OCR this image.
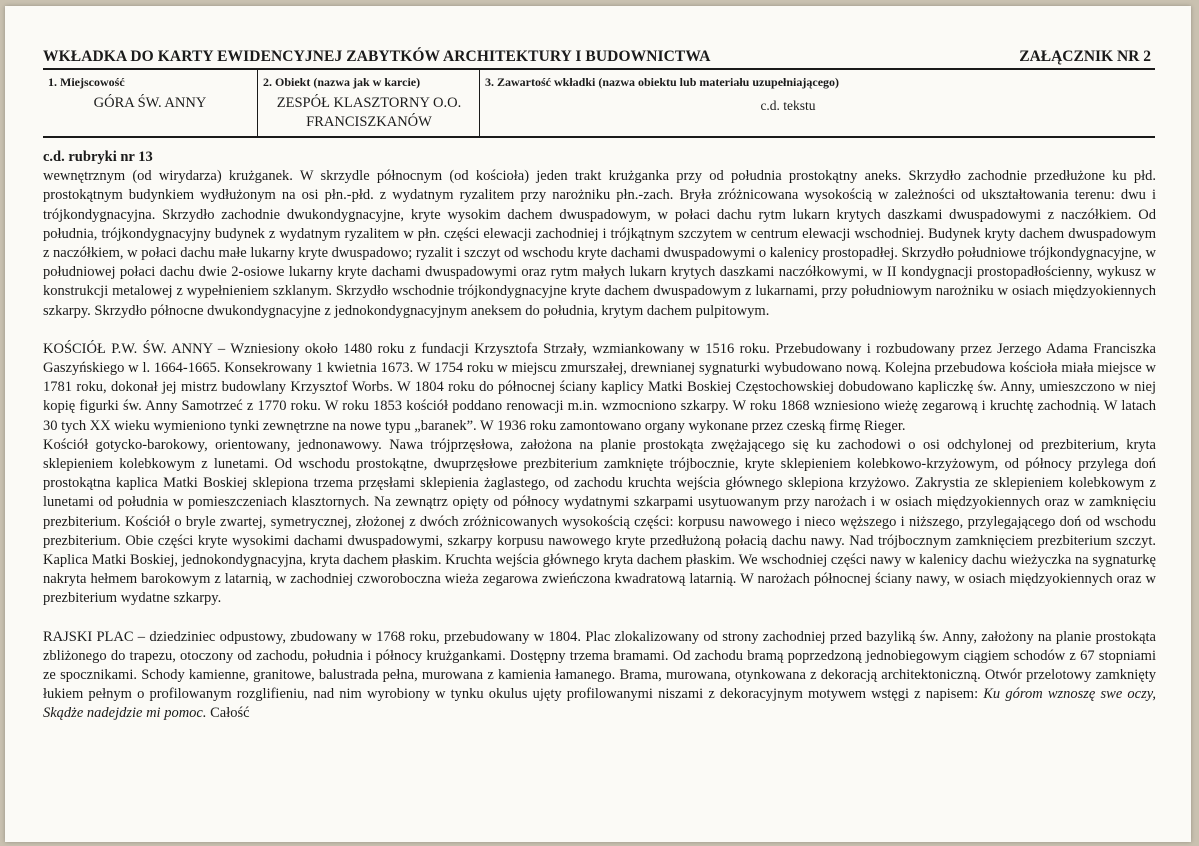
WKŁADKA DO KARTY EWIDENCYJNEJ ZABYTKÓW ARCHITEKTURY I BUDOWNICTWA	ZAŁĄCZNIK NR 2
1. Miejscowość
GÓRA ŚW. ANNY
2. Obiekt (nazwa jak w karcie)
ZESPÓŁ KLASZTORNY O.O.
FRANCISZKANÓW
3. Zawartość wkładki (nazwa obiektu lub materiału uzupełniającego)
c.d. tekstu
c.d. rubryki nr 13

wewnętrznym (od wirydarza) krużganek. W skrzydle północnym (od kościoła) jeden trakt krużganka przy od południa prostokątny aneks. Skrzydło zachodnie przedłużone ku płd. prostokątnym budynkiem wydłużonym na osi płn.-płd. z wydatnym ryzalitem przy narożniku płn.-zach. Bryła zróżnicowana wysokością w zależności od ukształtowania terenu: dwu i trójkondygnacyjna. Skrzydło zachodnie dwukondygnacyjne, kryte wysokim dachem dwuspadowym, w połaci dachu rytm lukarn krytych daszkami dwuspadowymi z naczółkiem. Od południa, trójkondygnacyjny budynek z wydatnym ryzalitem w płn. części elewacji zachodniej i trójkątnym szczytem w centrum elewacji wschodniej. Budynek kryty dachem dwuspadowym z naczółkiem, w połaci dachu małe lukarny kryte dwuspadowo; ryzalit i szczyt od wschodu kryte dachami dwuspadowymi o kalenicy prostopadłej. Skrzydło południowe trójkondygnacyjne, w południowej połaci dachu dwie 2-osiowe lukarny kryte dachami dwuspadowymi oraz rytm małych lukarn krytych daszkami naczółkowymi, w II kondygnacji prostopadłościenny, wykusz w konstrukcji metalowej z wypełnieniem szklanym. Skrzydło wschodnie trójkondygnacyjne kryte dachem dwuspadowym z lukarnami, przy południowym narożniku w osiach międzyokiennych szkarpy. Skrzydło północne dwukondygnacyjne z jednokondygnacyjnym aneksem do południa, krytym dachem pulpitowym.

KOŚCIÓŁ P.W. ŚW. ANNY – Wzniesiony około 1480 roku z fundacji Krzysztofa Strzały, wzmiankowany w 1516 roku. Przebudowany i rozbudowany przez Jerzego Adama Franciszka Gaszyńskiego w l. 1664-1665. Konsekrowany 1 kwietnia 1673. W 1754 roku w miejscu zmurszałej, drewnianej sygnaturki wybudowano nową. Kolejna przebudowa kościoła miała miejsce w 1781 roku, dokonał jej mistrz budowlany Krzysztof Worbs. W 1804 roku do północnej ściany kaplicy Matki Boskiej Częstochowskiej dobudowano kapliczkę św. Anny, umieszczono w niej kopię figurki św. Anny Samotrzeć z 1770 roku. W roku 1853 kościół poddano renowacji m.in. wzmocniono szkarpy. W roku 1868 wzniesiono wieżę zegarową i kruchtę zachodnią. W latach 30 tych XX wieku wymieniono tynki zewnętrzne na nowe typu „baranek”. W 1936 roku zamontowano organy wykonane przez czeską firmę Rieger.

Kościół gotycko-barokowy, orientowany, jednonawowy. Nawa trójprzęsłowa, założona na planie prostokąta zwężającego się ku zachodowi o osi odchylonej od prezbiterium, kryta sklepieniem kolebkowym z lunetami. Od wschodu prostokątne, dwuprzęsłowe prezbiterium zamknięte trójbocznie, kryte sklepieniem kolebkowo-krzyżowym, od północy przylega doń prostokątna kaplica Matki Boskiej sklepiona trzema przęsłami sklepienia żaglastego, od zachodu kruchta wejścia głównego sklepiona krzyżowo. Zakrystia ze sklepieniem kolebkowym z lunetami od południa w pomieszczeniach klasztornych. Na zewnątrz opięty od północy wydatnymi szkarpami usytuowanym przy narożach i w osiach międzyokiennych oraz w zamknięciu prezbiterium. Kościół o bryle zwartej, symetrycznej, złożonej z dwóch zróżnicowanych wysokością części: korpusu nawowego i nieco węższego i niższego, przylegającego doń od wschodu prezbiterium. Obie części kryte wysokimi dachami dwuspadowymi, szkarpy korpusu nawowego kryte przedłużoną połacią dachu nawy. Nad trójbocznym zamknięciem prezbiterium szczyt. Kaplica Matki Boskiej, jednokondygnacyjna, kryta dachem płaskim. Kruchta wejścia głównego kryta dachem płaskim. We wschodniej części nawy w kalenicy dachu wieżyczka na sygnaturkę nakryta hełmem barokowym z latarnią, w zachodniej czworoboczna wieża zegarowa zwieńczona kwadratową latarnią. W narożach północnej ściany nawy, w osiach międzyokiennych oraz w prezbiterium wydatne szkarpy.

RAJSKI PLAC – dziedziniec odpustowy, zbudowany w 1768 roku, przebudowany w 1804. Plac zlokalizowany od strony zachodniej przed bazyliką św. Anny, założony na planie prostokąta zbliżonego do trapezu, otoczony od zachodu, południa i północy krużgankami. Dostępny trzema bramami. Od zachodu bramą poprzedzoną jednobiegowym ciągiem schodów z 67 stopniami ze spocznikami. Schody kamienne, granitowe, balustrada pełna, murowana z kamienia łamanego. Brama, murowana, otynkowana z dekoracją architektoniczną. Otwór przelotowy zamknięty łukiem pełnym o profilowanym rozglifieniu, nad nim wyrobiony w tynku okulus ujęty profilowanymi niszami z dekoracyjnym motywem wstęgi z napisem: Ku górom wznoszę swe oczy, Skądże nadejdzie mi pomoc. Całość
